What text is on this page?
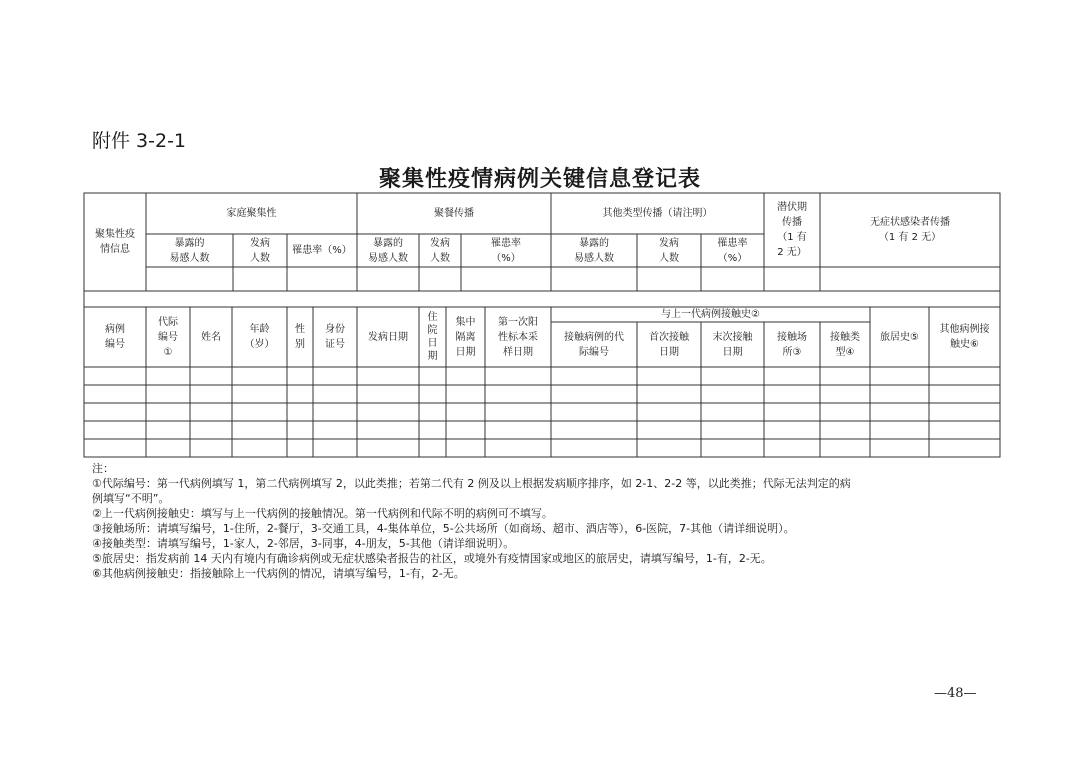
附件 3-2-1
聚集性疫情病例关键信息登记表
聚集性疫
情信息
家庭聚集性	聚餐传播	其他类型传播（请注明）
潜伏期
传播
（1 有
2 无）
无症状感染者传播
（1 有 2 无）
暴露的
易感人数
发病
人数
罹患率（%）
暴露的
易感人数
发病
人数
罹患率
（%）
暴露的
易感人数
发病
人数
罹患率
（%）
病例
编号
代际
编号
①
姓名
年龄
（岁）
性
别
身份
证号
发病日期
住
院
日
期
集中
隔离
日期
第一次阳
性标本采
样日期
与上一代病例接触史②
接触病例的代
际编号
首次接触
日期
末次接触
日期
接触场
所③
接触类
型④
旅居史⑤
其他病例接
触史⑥
注：
①代际编号：第一代病例填写 1，第二代病例填写 2，以此类推；若第二代有 2 例及以上根据发病顺序排序，如 2-1、2-2 等，以此类推；代际无法判定的病
例填写“不明”。
②上一代病例接触史：填写与上一代病例的接触情况。第一代病例和代际不明的病例可不填写。
③接触场所：请填写编号，1-住所，2-餐厅，3-交通工具，4-集体单位，5-公共场所（如商场、超市、酒店等），6-医院，7-其他（请详细说明）。
④接触类型：请填写编号，1-家人，2-邻居，3-同事，4-朋友，5-其他（请详细说明）。
⑤旅居史：指发病前 14 天内有境内有确诊病例或无症状感染者报告的社区，或境外有疫情国家或地区的旅居史，请填写编号，1-有，2-无。
⑥其他病例接触史：指接触除上一代病例的情况，请填写编号，1-有，2-无。
—48—
